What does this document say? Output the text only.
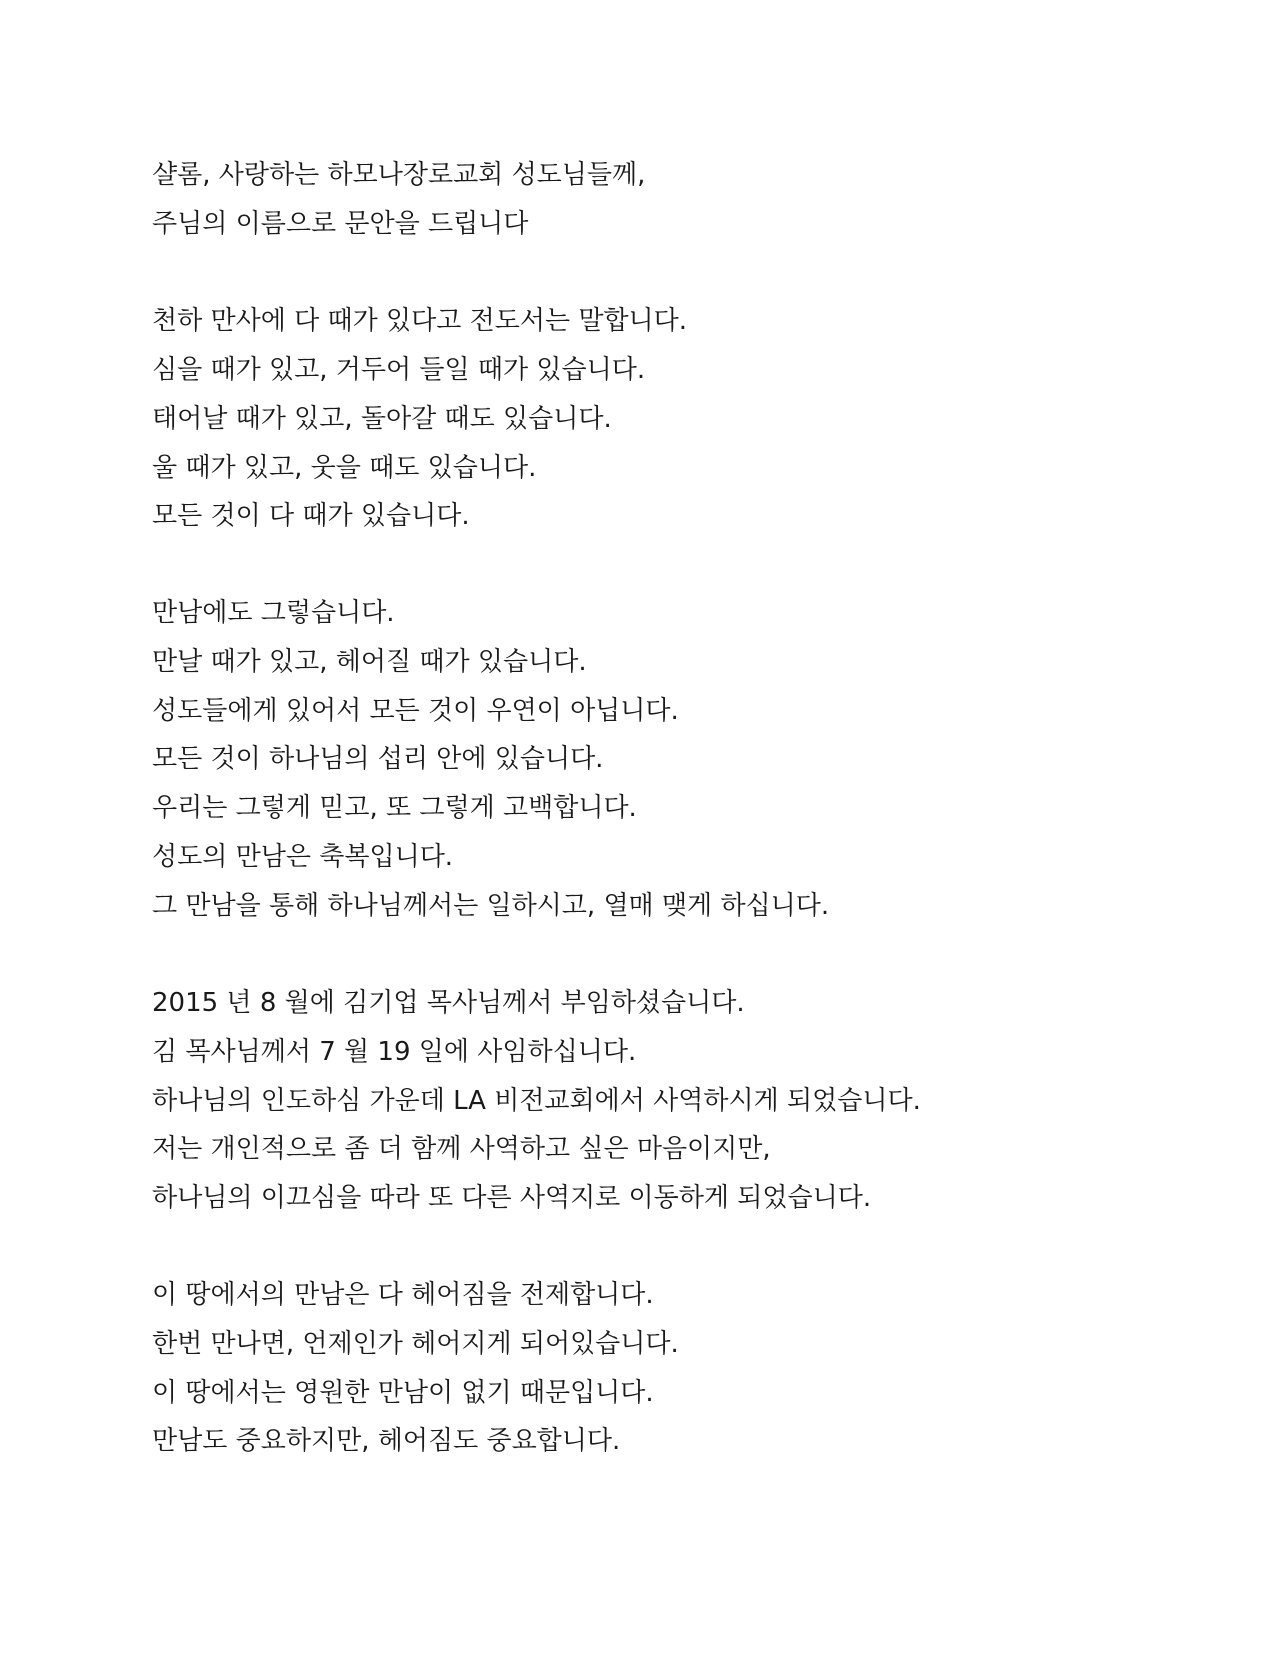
샬롬, 사랑하는 하모나장로교회 성도님들께,

주님의 이름으로 문안을 드립니다

천하 만사에 다 때가 있다고 전도서는 말합니다.

심을 때가 있고, 거두어 들일 때가 있습니다.

태어날 때가 있고, 돌아갈 때도 있습니다.

울 때가 있고, 웃을 때도 있습니다.

모든 것이 다 때가 있습니다.

만남에도 그렇습니다.

만날 때가 있고, 헤어질 때가 있습니다.

성도들에게 있어서 모든 것이 우연이 아닙니다.

모든 것이 하나님의 섭리 안에 있습니다.

우리는 그렇게 믿고, 또 그렇게 고백합니다.

성도의 만남은 축복입니다.

그 만남을 통해 하나님께서는 일하시고, 열매 맺게 하십니다.

2015 년 8 월에 김기업 목사님께서 부임하셨습니다.

김 목사님께서 7 월 19 일에 사임하십니다.

하나님의 인도하심 가운데 LA 비전교회에서 사역하시게 되었습니다.

저는 개인적으로 좀 더 함께 사역하고 싶은 마음이지만,

하나님의 이끄심을 따라 또 다른 사역지로 이동하게 되었습니다.

이 땅에서의 만남은 다 헤어짐을 전제합니다.

한번 만나면, 언제인가 헤어지게 되어있습니다.

이 땅에서는 영원한 만남이 없기 때문입니다.

만남도 중요하지만, 헤어짐도 중요합니다.
